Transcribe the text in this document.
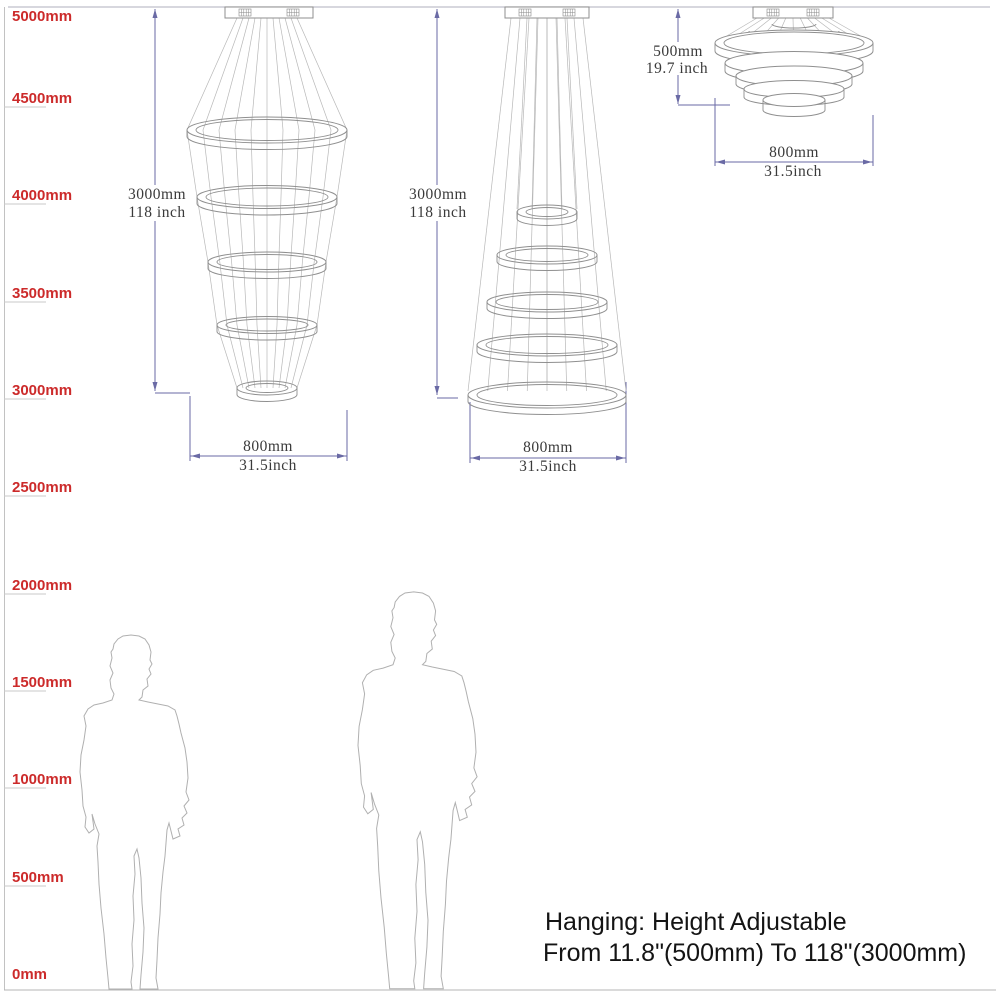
5000mm
4500mm
4000mm
3500mm
3000mm
2500mm
2000mm
1500mm
1000mm
500mm
0mm
3000mm
118 inch
800mm
31.5inch
3000mm
118 inch
800mm
31.5inch
500mm
19.7 inch
800mm
31.5inch
Hanging: Height Adjustable
From 11.8"(500mm) To 118"(3000mm)
